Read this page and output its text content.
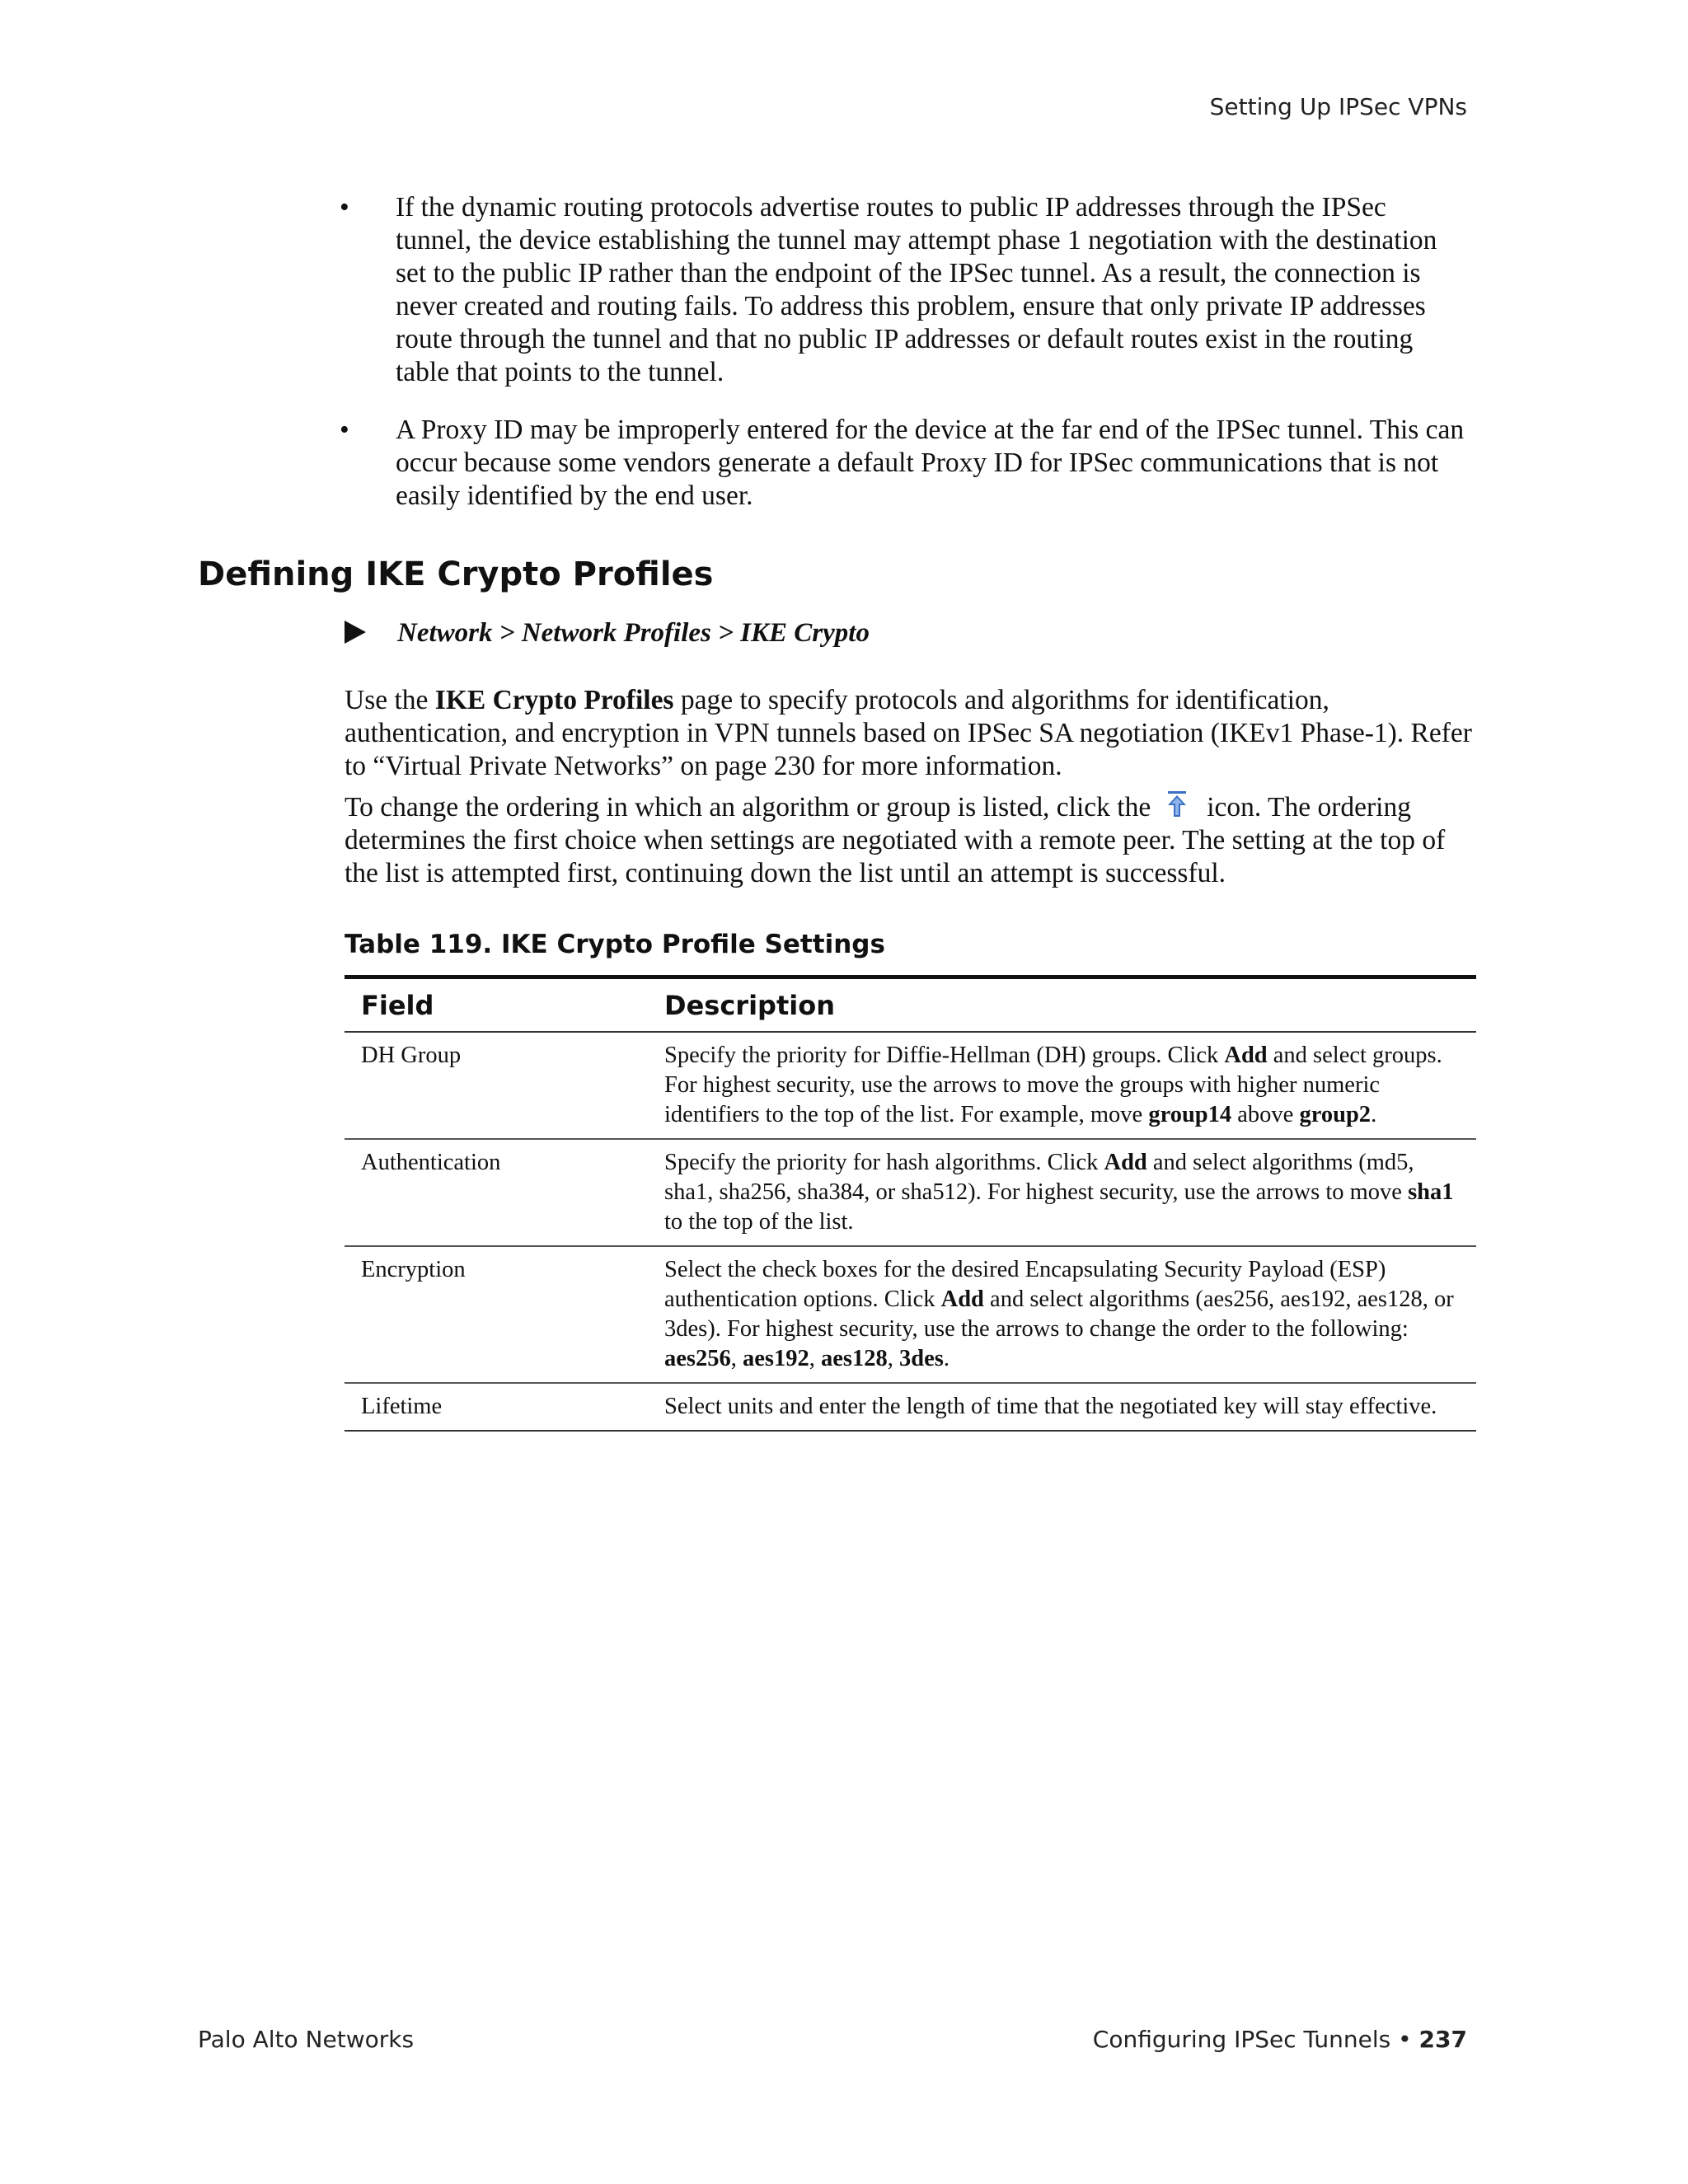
Setting Up IPSec VPNs
• If the dynamic routing protocols advertise routes to public IP addresses through the IPSec tunnel, the device establishing the tunnel may attempt phase 1 negotiation with the destination set to the public IP rather than the endpoint of the IPSec tunnel. As a result, the connection is never created and routing fails. To address this problem, ensure that only private IP addresses route through the tunnel and that no public IP addresses or default routes exist in the routing table that points to the tunnel.
• A Proxy ID may be improperly entered for the device at the far end of the IPSec tunnel. This can occur because some vendors generate a default Proxy ID for IPSec communications that is not easily identified by the end user.
Defining IKE Crypto Profiles
Network > Network Profiles > IKE Crypto

Use the IKE Crypto Profiles page to specify protocols and algorithms for identification, authentication, and encryption in VPN tunnels based on IPSec SA negotiation (IKEv1 Phase-1). Refer to “Virtual Private Networks” on page 230 for more information.

To change the ordering in which an algorithm or group is listed, click the icon. The ordering determines the first choice when settings are negotiated with a remote peer. The setting at the top of the list is attempted first, continuing down the list until an attempt is successful.

Table 119. IKE Crypto Profile Settings
Field	Description
DH Group	Specify the priority for Diffie-Hellman (DH) groups. Click Add and select groups. For highest security, use the arrows to move the groups with higher numeric identifiers to the top of the list. For example, move group14 above group2.
Authentication	Specify the priority for hash algorithms. Click Add and select algorithms (md5, sha1, sha256, sha384, or sha512). For highest security, use the arrows to move sha1 to the top of the list.
Encryption	Select the check boxes for the desired Encapsulating Security Payload (ESP) authentication options. Click Add and select algorithms (aes256, aes192, aes128, or 3des). For highest security, use the arrows to change the order to the following: aes256, aes192, aes128, 3des.
Lifetime	Select units and enter the length of time that the negotiated key will stay effective.
Palo Alto Networks	Configuring IPSec Tunnels • 237
